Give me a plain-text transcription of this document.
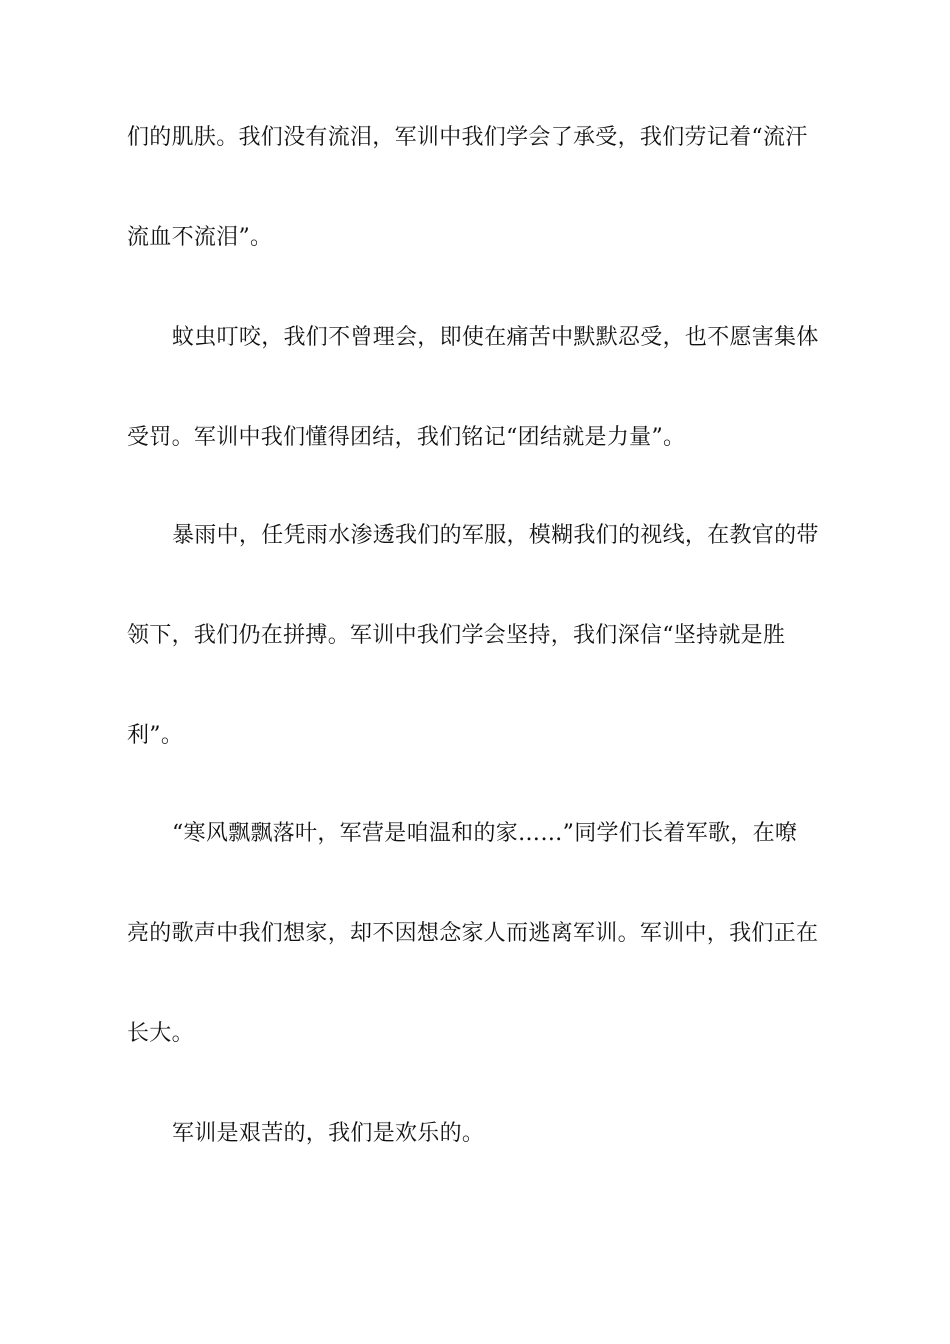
们的肌肤。我们没有流泪，军训中我们学会了承受，我们劳记着“流汗
流血不流泪”。
蚊虫叮咬，我们不曾理会，即使在痛苦中默默忍受，也不愿害集体
受罚。军训中我们懂得团结，我们铭记“团结就是力量”。
暴雨中，任凭雨水渗透我们的军服，模糊我们的视线，在教官的带
领下，我们仍在拼搏。军训中我们学会坚持，我们深信“坚持就是胜
利”。
“寒风飘飘落叶，军营是咱温和的家……”同学们长着军歌，在嘹
亮的歌声中我们想家，却不因想念家人而逃离军训。军训中，我们正在
长大。
军训是艰苦的，我们是欢乐的。
